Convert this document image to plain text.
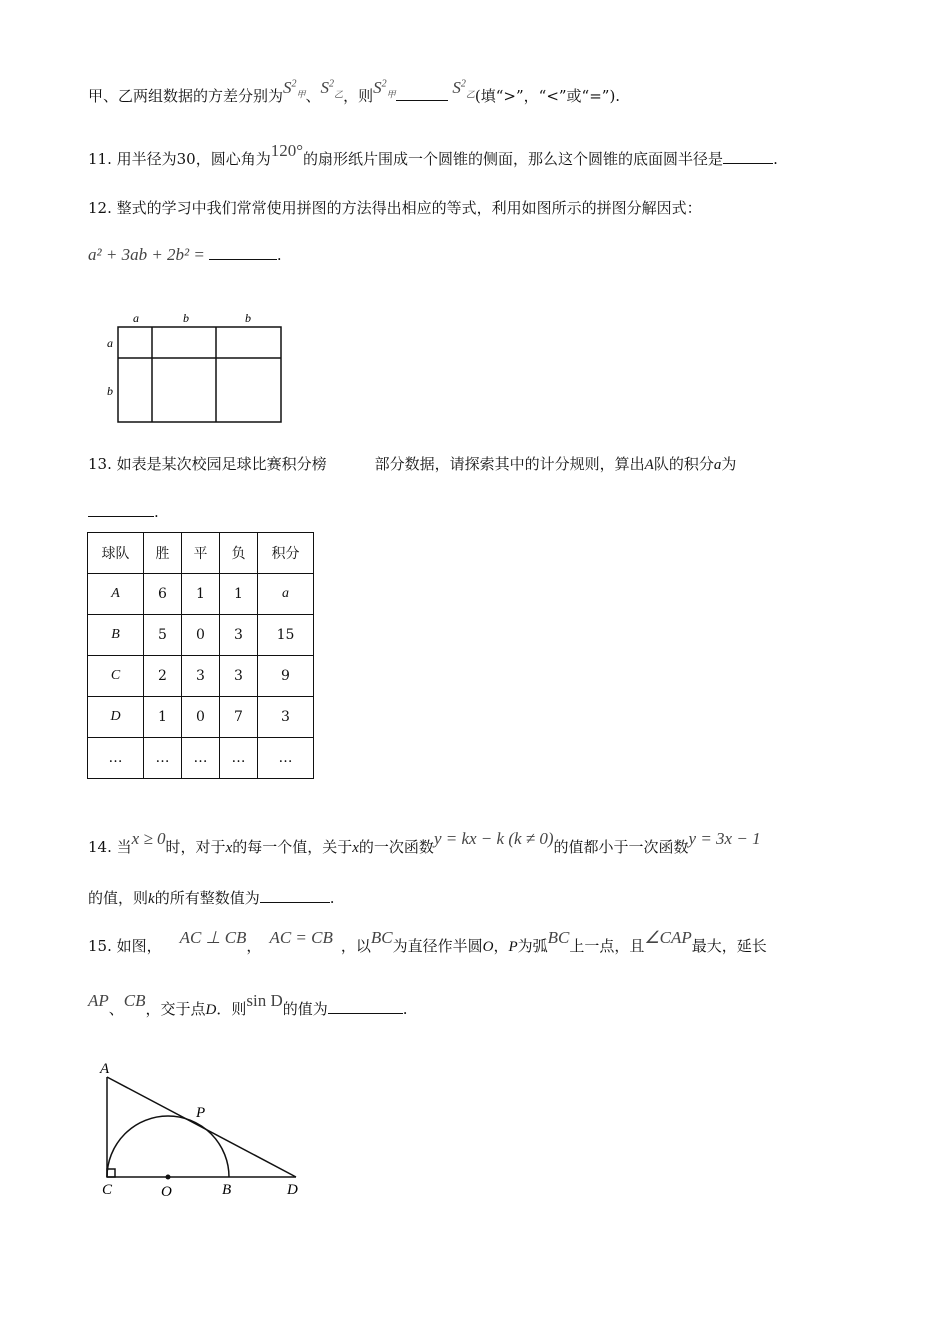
甲、乙两组数据的方差分别为$S^2_甲$、$S^2_乙$，则$S^2_甲$	$S^2_乙$(填“>”，“<”或“=”).
11. 用半径为30，圆心角为120°的扇形纸片围成一个圆锥的侧面，那么这个圆锥的底面圆半径是	.
12. 整式的学习中我们常常使用拼图的方法得出相应的等式，利用如图所示的拼图分解因式：
a² + 3ab + 2b² =	.
a	b	b
a
b
A
P
C	O	B	D
13. 如表是某次校园足球比赛积分榜	部分数据，请探索其中的计分规则，算出A队的积分a为
.
球队	胜	平	负	积分
A	6	1	1	a
B	5	0	3	15
C	2	3	3	9
D	1	0	7	3
…	…	…	…	…
14. 当x ≥ 0时，对于x的每一个值，关于x的一次函数y = kx − k (k ≠ 0)的值都小于一次函数y = 3x − 1
的值，则k的所有整数值为	.
15. 如图， AC ⊥ CB， AC = CB ，以BC为直径作半圆O，P为弧BC上一点，且∠CAP最大，延长
AP、CB，交于点D．则sin D的值为	.
